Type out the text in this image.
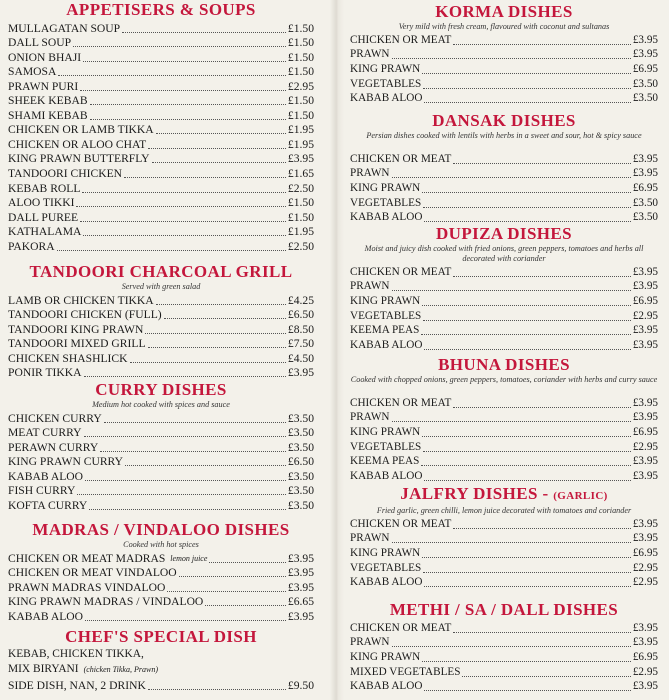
APPETISERS & SOUPS
MULLAGATAN SOUP	£1.50
DALL SOUP	£1.50
ONION BHAJI	£1.50
SAMOSA	£1.50
PRAWN PURI	£2.95
SHEEK KEBAB	£1.50
SHAMI KEBAB	£1.50
CHICKEN OR LAMB TIKKA	£1.95
CHICKEN OR ALOO CHAT	£1.95
KING PRAWN BUTTERFLY	£3.95
TANDOORI CHICKEN	£1.65
KEBAB ROLL	£2.50
ALOO TIKKI	£1.50
DALL PUREE	£1.50
KATHALAMA	£1.95
PAKORA	£2.50
TANDOORI CHARCOAL GRILL
Served with green salad
LAMB OR CHICKEN TIKKA	£4.25
TANDOORI CHICKEN (FULL)	£6.50
TANDOORI KING PRAWN	£8.50
TANDOORI MIXED GRILL	£7.50
CHICKEN SHASHLICK	£4.50
PONIR TIKKA	£3.95
CURRY DISHES
Medium hot cooked with spices and sauce
CHICKEN CURRY	£3.50
MEAT CURRY	£3.50
PERAWN CURRY	£3.50
KING PRAWN CURRY	£6.50
KABAB ALOO	£3.50
FISH CURRY	£3.50
KOFTA CURRY	£3.50
MADRAS / VINDALOO DISHES
Cooked with hot spices
CHICKEN OR MEAT MADRAS lemon juice	£3.95
CHICKEN OR MEAT VINDALOO	£3.95
PRAWN MADRAS VINDALOO	£3.95
KING PRAWN MADRAS / VINDALOO	£6.65
KABAB ALOO	£3.95
CHEF'S SPECIAL DISH
KEBAB, CHICKEN TIKKA,
MIX BIRYANI (chicken Tikka, Prawn)
SIDE DISH, NAN, 2 DRINK	£9.50
KORMA DISHES
Very mild with fresh cream, flavoured with coconut and sultanas
CHICKEN OR MEAT	£3.95
PRAWN	£3.95
KING PRAWN	£6.95
VEGETABLES	£3.50
KABAB ALOO	£3.50
DANSAK DISHES
Persian dishes cooked with lentils with herbs in a sweet and sour, hot & spicy sauce
CHICKEN OR MEAT	£3.95
PRAWN	£3.95
KING PRAWN	£6.95
VEGETABLES	£3.50
KABAB ALOO	£3.50
DUPIZA DISHES
Moist and juicy dish cooked with fried onions, green peppers, tomatoes and herbs all decorated with coriander
CHICKEN OR MEAT	£3.95
PRAWN	£3.95
KING PRAWN	£6.95
VEGETABLES	£2.95
KEEMA PEAS	£3.95
KABAB ALOO	£3.95
BHUNA DISHES
Cooked with chopped onions, green peppers, tomatoes, coriander with herbs and curry sauce
CHICKEN OR MEAT	£3.95
PRAWN	£3.95
KING PRAWN	£6.95
VEGETABLES	£2.95
KEEMA PEAS	£3.95
KABAB ALOO	£3.95
JALFRY DISHES - (GARLIC)
Fried garlic, green chilli, lemon juice decorated with tomatoes and coriander
CHICKEN OR MEAT	£3.95
PRAWN	£3.95
KING PRAWN	£6.95
VEGETABLES	£2.95
KABAB ALOO	£2.95
METHI / SA / DALL DISHES
CHICKEN OR MEAT	£3.95
PRAWN	£3.95
KING PRAWN	£6.95
MIXED VEGETABLES	£2.95
KABAB ALOO	£3.95
